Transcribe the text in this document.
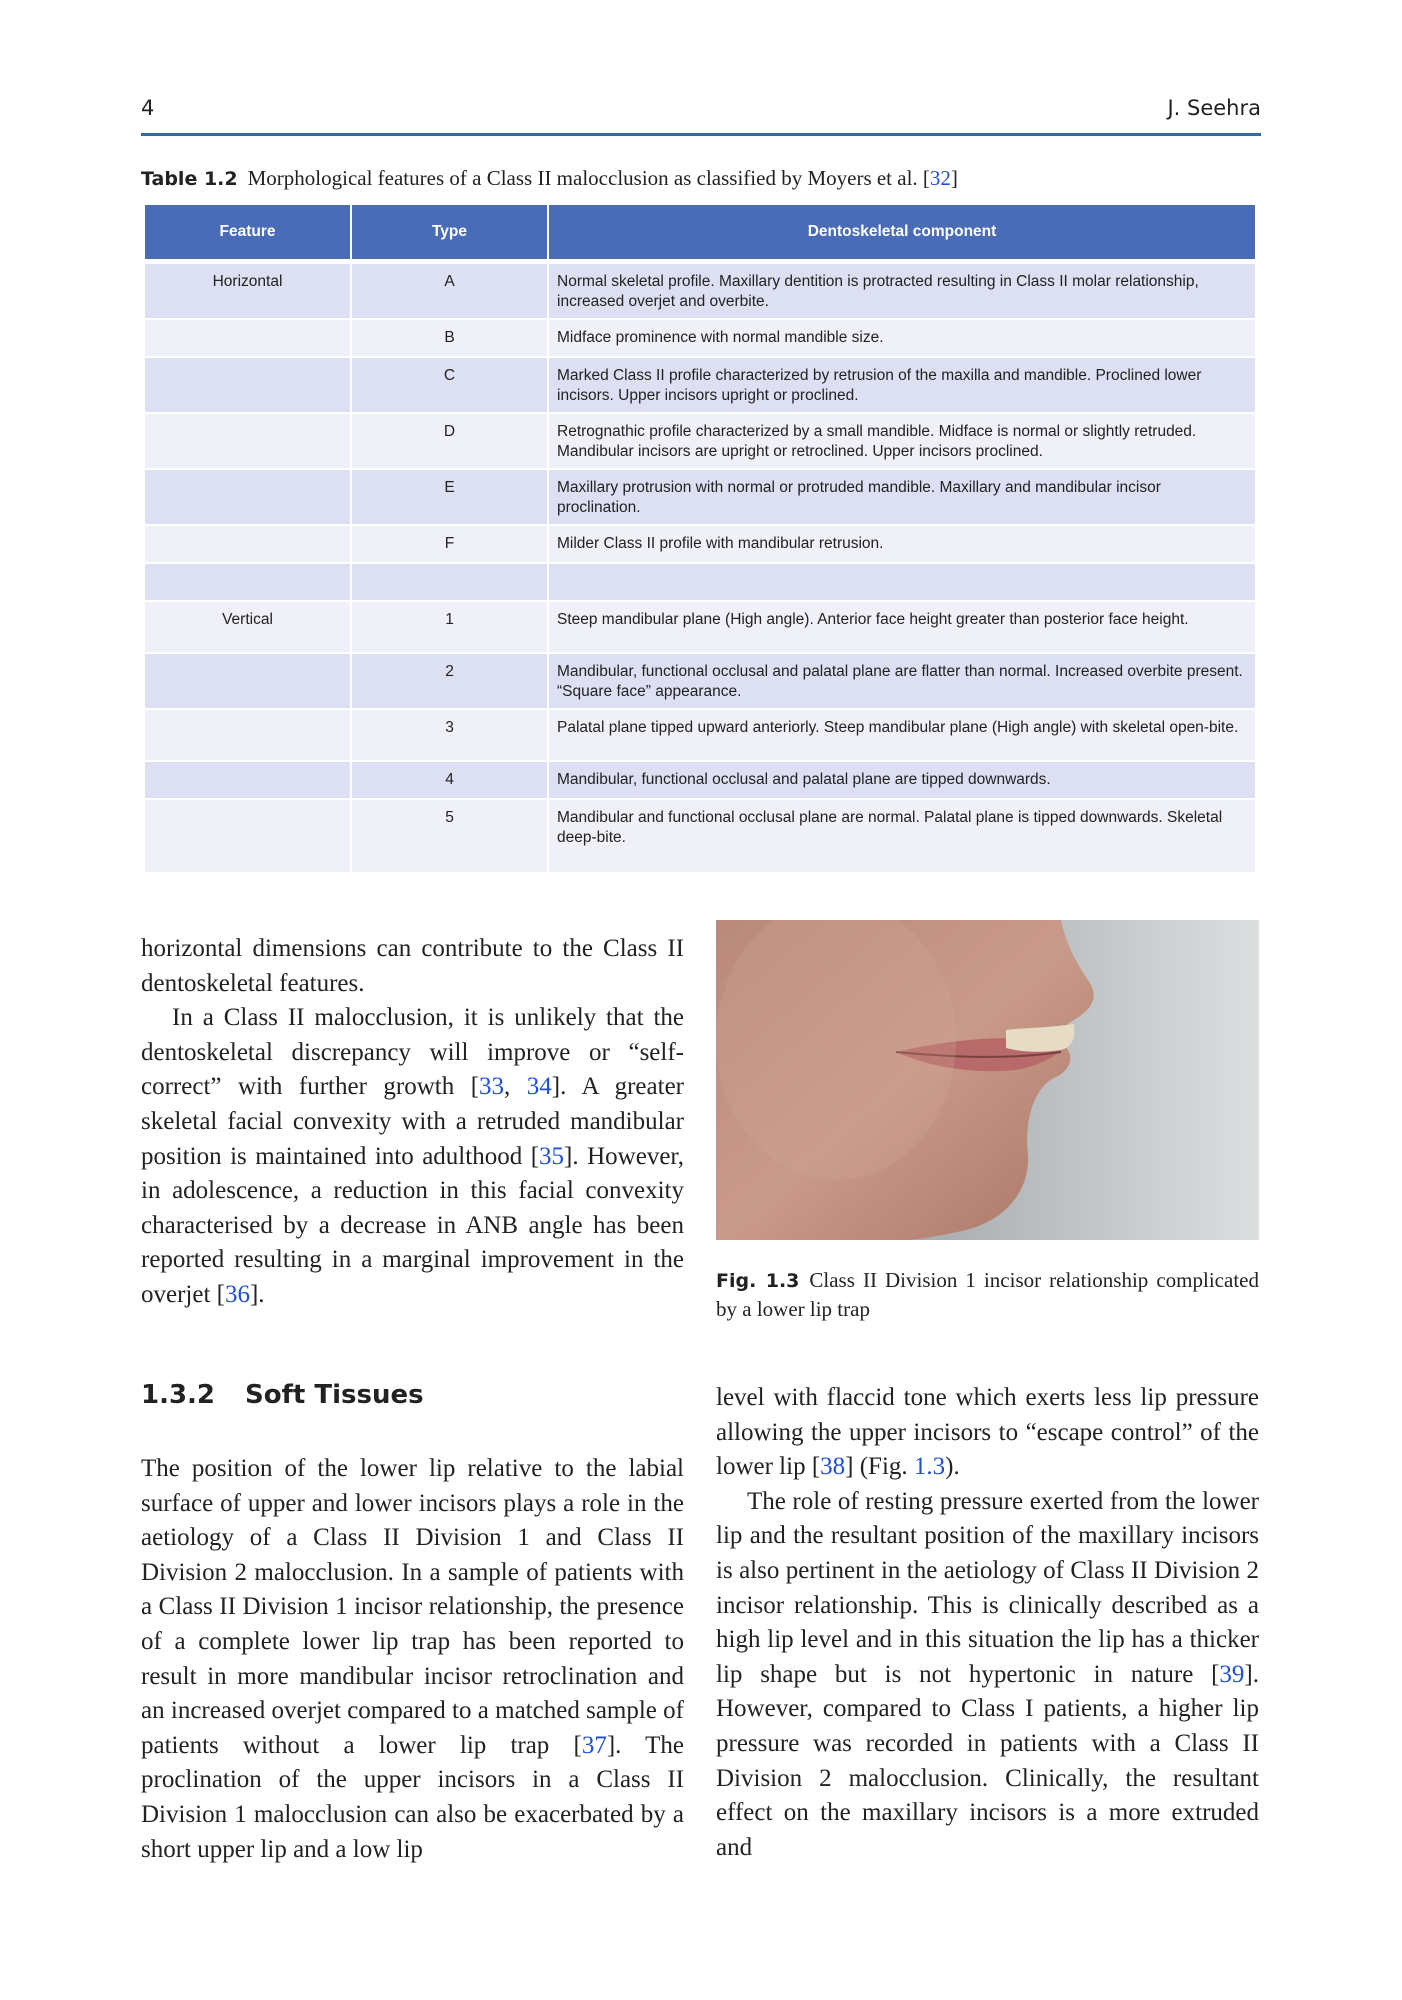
4	J. Seehra
Table 1.2 Morphological features of a Class II malocclusion as classified by Moyers et al. [32]
Feature	Type	Dentoskeletal component
Horizontal	A	Normal skeletal profile. Maxillary dentition is protracted resulting in Class II molar relationship, increased overjet and overbite.
	B	Midface prominence with normal mandible size.
	C	Marked Class II profile characterized by retrusion of the maxilla and mandible. Proclined lower incisors. Upper incisors upright or proclined.
	D	Retrognathic profile characterized by a small mandible. Midface is normal or slightly retruded. Mandibular incisors are upright or retroclined. Upper incisors proclined.
	E	Maxillary protrusion with normal or protruded mandible. Maxillary and mandibular incisor proclination.
	F	Milder Class II profile with mandibular retrusion.

Vertical	1	Steep mandibular plane (High angle). Anterior face height greater than posterior face height.
	2	Mandibular, functional occlusal and palatal plane are flatter than normal. Increased overbite present. “Square face” appearance.
	3	Palatal plane tipped upward anteriorly. Steep mandibular plane (High angle) with skeletal open-bite.
	4	Mandibular, functional occlusal and palatal plane are tipped downwards.
	5	Mandibular and functional occlusal plane are normal. Palatal plane is tipped downwards. Skeletal deep-bite.

horizontal dimensions can contribute to the Class II dentoskeletal features.

In a Class II malocclusion, it is unlikely that the dentoskeletal discrepancy will improve or “self-correct” with further growth [33, 34]. A greater skeletal facial convexity with a retruded mandibular position is maintained into adulthood [35]. However, in adolescence, a reduction in this facial convexity characterised by a decrease in ANB angle has been reported resulting in a marginal improvement in the overjet [36].	Fig. 1.3 Class II Division 1 incisor relationship complicated by a lower lip trap
1.3.2 Soft Tissues

The position of the lower lip relative to the labial surface of upper and lower incisors plays a role in the aetiology of a Class II Division 1 and Class II Division 2 malocclusion. In a sample of patients with a Class II Division 1 incisor relationship, the presence of a complete lower lip trap has been reported to result in more mandibular incisor retroclination and an increased overjet compared to a matched sample of patients without a lower lip trap [37]. The proclination of the upper incisors in a Class II Division 1 malocclusion can also be exacerbated by a short upper lip and a low lip

level with flaccid tone which exerts less lip pressure allowing the upper incisors to “escape control” of the lower lip [38] (Fig. 1.3).

The role of resting pressure exerted from the lower lip and the resultant position of the maxillary incisors is also pertinent in the aetiology of Class II Division 2 incisor relationship. This is clinically described as a high lip level and in this situation the lip has a thicker lip shape but is not hypertonic in nature [39]. However, compared to Class I patients, a higher lip pressure was recorded in patients with a Class II Division 2 malocclusion. Clinically, the resultant effect on the maxillary incisors is a more extruded and
